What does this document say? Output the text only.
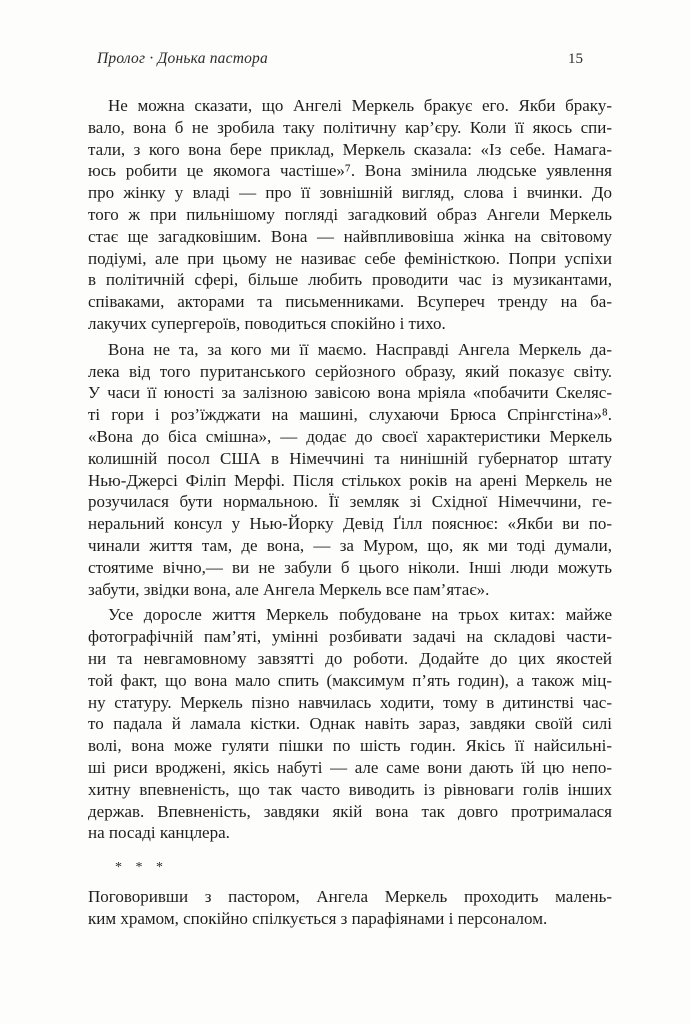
Пролог · Донька пастора	15
Не можна сказати, що Ангелі Меркель бракує его. Якби браку-
вало, вона б не зробила таку політичну кар’єру. Коли її якось спи-
тали, з кого вона бере приклад, Меркель сказала: «Із себе. Намага-
юсь робити це якомога частіше»⁷. Вона змінила людське уявлення
про жінку у владі — про її зовнішній вигляд, слова і вчинки. До
того ж при пильнішому погляді загадковий образ Ангели Меркель
стає ще загадковішим. Вона — найвпливовіша жінка на світовому
подіумі, але при цьому не називає себе феміністкою. Попри успіхи
в політичній сфері, більше любить проводити час із музикантами,
співаками, акторами та письменниками. Всупереч тренду на ба-
лакучих супергероїв, поводиться спокійно і тихо.
Вона не та, за кого ми її маємо. Насправді Ангела Меркель да-
лека від того пуританського серйозного образу, який показує світу.
У часи її юності за залізною завісою вона мріяла «побачити Скеляс-
ті гори і роз’їжджати на машині, слухаючи Брюса Спрінгстіна»⁸.
«Вона до біса смішна», — додає до своєї характеристики Меркель
колишній посол США в Німеччині та нинішній губернатор штату
Нью-Джерсі Філіп Мерфі. Після стількох років на арені Меркель не
розучилася бути нормальною. Її земляк зі Східної Німеччини, ге-
неральний консул у Нью-Йорку Девід Ґілл пояснює: «Якби ви по-
чинали життя там, де вона, — за Муром, що, як ми тоді думали,
стоятиме вічно,— ви не забули б цього ніколи. Інші люди можуть
забути, звідки вона, але Ангела Меркель все пам’ятає».
Усе доросле життя Меркель побудоване на трьох китах: майже
фотографічній пам’яті, умінні розбивати задачі на складові части-
ни та невгамовному завзятті до роботи. Додайте до цих якостей
той факт, що вона мало спить (максимум п’ять годин), а також міц-
ну статуру. Меркель пізно навчилась ходити, тому в дитинстві час-
то падала й ламала кістки. Однак навіть зараз, завдяки своїй силі
волі, вона може гуляти пішки по шість годин. Якісь її найсильні-
ші риси вроджені, якісь набуті — але саме вони дають їй цю непо-
хитну впевненість, що так часто виводить із рівноваги голів інших
держав. Впевненість, завдяки якій вона так довго протрималася
на посаді канцлера.
* * *
Поговоривши з пастором, Ангела Меркель проходить малень-
ким храмом, спокійно спілкується з парафіянами і персоналом.
